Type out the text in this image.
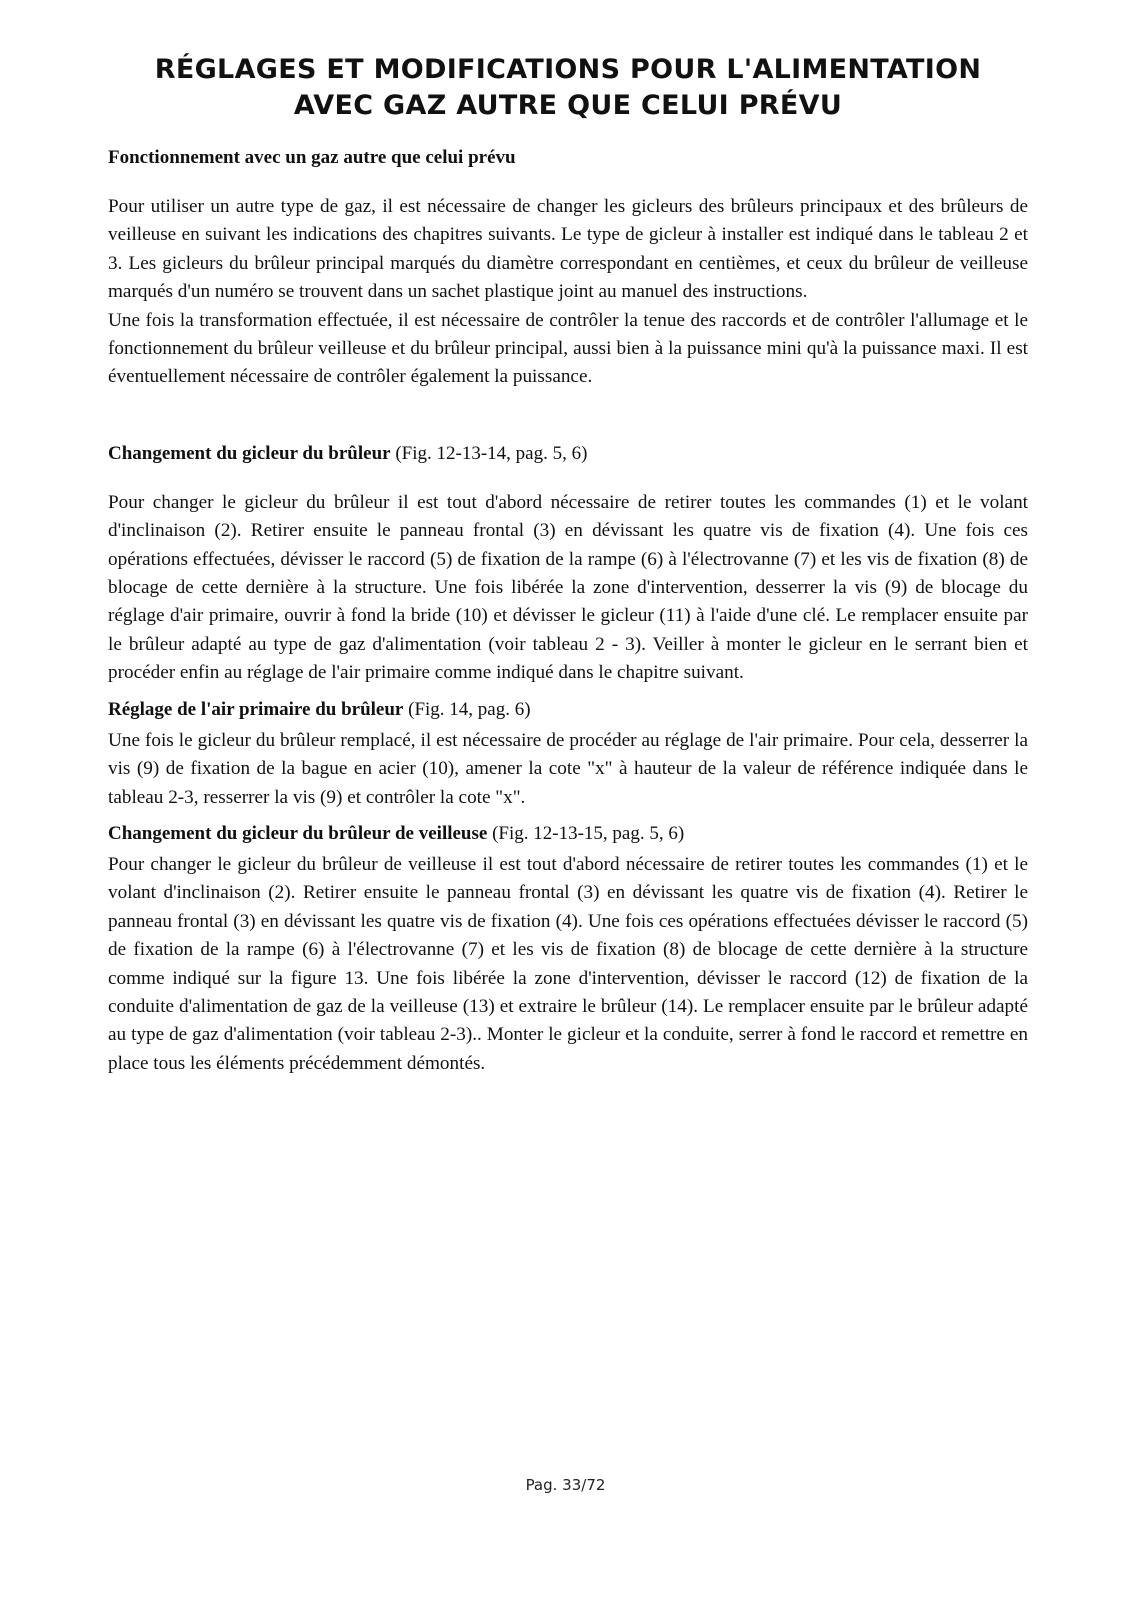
RÉGLAGES ET MODIFICATIONS POUR L'ALIMENTATION
AVEC GAZ AUTRE QUE CELUI PRÉVU

Fonctionnement avec un gaz autre que celui prévu

Pour utiliser un autre type de gaz, il est nécessaire de changer les gicleurs des brûleurs principaux et des brûleurs de veilleuse en suivant les indications des chapitres suivants. Le type de gicleur à installer est indiqué dans le tableau 2 et 3. Les gicleurs du brûleur principal marqués du diamètre correspondant en centièmes, et ceux du brûleur de veilleuse marqués d'un numéro se trouvent dans un sachet plastique joint au manuel des instructions.

Une fois la transformation effectuée, il est nécessaire de contrôler la tenue des raccords et de contrôler l'allumage et le fonctionnement du brûleur veilleuse et du brûleur principal, aussi bien à la puissance mini qu'à la puissance maxi. Il est éventuellement nécessaire de contrôler également la puissance.

Changement du gicleur du brûleur (Fig. 12-13-14, pag. 5, 6)

Pour changer le gicleur du brûleur il est tout d'abord nécessaire de retirer toutes les commandes (1) et le volant d'inclinaison (2). Retirer ensuite le panneau frontal (3) en dévissant les quatre vis de fixation (4). Une fois ces opérations effectuées, dévisser le raccord (5) de fixation de la rampe (6) à l'électrovanne (7) et les vis de fixation (8) de blocage de cette dernière à la structure. Une fois libérée la zone d'intervention, desserrer la vis (9) de blocage du réglage d'air primaire, ouvrir à fond la bride (10) et dévisser le gicleur (11) à l'aide d'une clé. Le remplacer ensuite par le brûleur adapté au type de gaz d'alimentation (voir tableau 2 - 3). Veiller à monter le gicleur en le serrant bien et procéder enfin au réglage de l'air primaire comme indiqué dans le chapitre suivant.

Réglage de l'air primaire du brûleur (Fig. 14, pag. 6)

Une fois le gicleur du brûleur remplacé, il est nécessaire de procéder au réglage de l'air primaire. Pour cela, desserrer la vis (9) de fixation de la bague en acier (10), amener la cote "x" à hauteur de la valeur de référence indiquée dans le tableau 2-3, resserrer la vis (9) et contrôler la cote "x".

Changement du gicleur du brûleur de veilleuse (Fig. 12-13-15, pag. 5, 6)

Pour changer le gicleur du brûleur de veilleuse il est tout d'abord nécessaire de retirer toutes les commandes (1) et le volant d'inclinaison (2). Retirer ensuite le panneau frontal (3) en dévissant les quatre vis de fixation (4). Retirer le panneau frontal (3) en dévissant les quatre vis de fixation (4). Une fois ces opérations effectuées dévisser le raccord (5) de fixation de la rampe (6) à l'électrovanne (7) et les vis de fixation (8) de blocage de cette dernière à la structure comme indiqué sur la figure 13. Une fois libérée la zone d'intervention, dévisser le raccord (12) de fixation de la conduite d'alimentation de gaz de la veilleuse (13) et extraire le brûleur (14). Le remplacer ensuite par le brûleur adapté au type de gaz d'alimentation (voir tableau 2-3).. Monter le gicleur et la conduite, serrer à fond le raccord et remettre en place tous les éléments précédemment démontés.

Pag. 33/72
